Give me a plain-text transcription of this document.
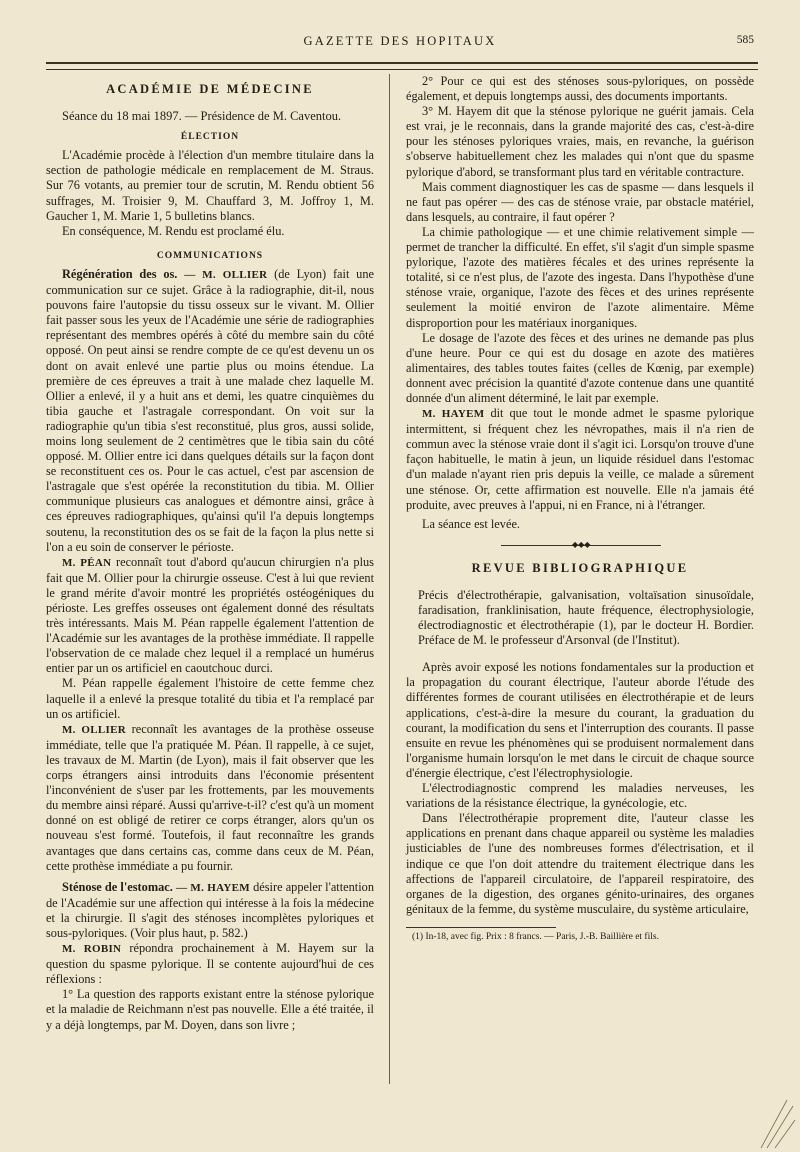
GAZETTE DES HOPITAUX	585
ACADÉMIE DE MÉDECINE

Séance du 18 mai 1897. — Présidence de M. Caventou.

ÉLECTION

L'Académie procède à l'élection d'un membre titulaire dans la section de pathologie médicale en remplacement de M. Straus. Sur 76 votants, au premier tour de scrutin, M. Rendu obtient 56 suffrages, M. Troisier 9, M. Chauffard 3, M. Joffroy 1, M. Gaucher 1, M. Marie 1, 5 bulletins blancs.

En conséquence, M. Rendu est proclamé élu.

COMMUNICATIONS

Régénération des os. — M. OLLIER (de Lyon) fait une communication sur ce sujet. Grâce à la radiographie, dit-il, nous pouvons faire l'autopsie du tissu osseux sur le vivant. M. Ollier fait passer sous les yeux de l'Académie une série de radiographies représentant des membres opérés à côté du membre sain du côté opposé. On peut ainsi se rendre compte de ce qu'est devenu un os dont on avait enlevé une partie plus ou moins étendue. La première de ces épreuves a trait à une malade chez laquelle M. Ollier a enlevé, il y a huit ans et demi, les quatre cinquièmes du tibia gauche et l'astragale correspondant. On voit sur la radiographie qu'un tibia s'est reconstitué, plus gros, aussi solide, moins long seulement de 2 centimètres que le tibia sain du côté opposé. M. Ollier entre ici dans quelques détails sur la façon dont se reconstituent ces os. Pour le cas actuel, c'est par ascension de l'astragale que s'est opérée la reconstitution du tibia. M. Ollier communique plusieurs cas analogues et démontre ainsi, grâce à ces épreuves radiographiques, qu'ainsi qu'il l'a depuis longtemps soutenu, la reconstitution des os se fait de la façon la plus nette si l'on a eu soin de conserver le périoste.

M. PÉAN reconnaît tout d'abord qu'aucun chirurgien n'a plus fait que M. Ollier pour la chirurgie osseuse. C'est à lui que revient le grand mérite d'avoir montré les propriétés ostéogéniques du périoste. Les greffes osseuses ont également donné des résultats très intéressants. Mais M. Péan rappelle également l'attention de l'Académie sur les avantages de la prothèse immédiate. Il rappelle l'observation de ce malade chez lequel il a remplacé un humérus entier par un os artificiel en caoutchouc durci.

M. Péan rappelle également l'histoire de cette femme chez laquelle il a enlevé la presque totalité du tibia et l'a remplacé par un os artificiel.

M. OLLIER reconnaît les avantages de la prothèse osseuse immédiate, telle que l'a pratiquée M. Péan. Il rappelle, à ce sujet, les travaux de M. Martin (de Lyon), mais il fait observer que les corps étrangers ainsi introduits dans l'économie présentent l'inconvénient de s'user par les frottements, par les mouvements du membre ainsi réparé. Aussi qu'arrive-t-il? c'est qu'à un moment donné on est obligé de retirer ce corps étranger, alors qu'un os nouveau s'est formé. Toutefois, il faut reconnaître les grands avantages que dans certains cas, comme dans ceux de M. Péan, cette prothèse immédiate a pu fournir.

Sténose de l'estomac. — M. HAYEM désire appeler l'attention de l'Académie sur une affection qui intéresse à la fois la médecine et la chirurgie. Il s'agit des sténoses incomplètes pyloriques et sous-pyloriques. (Voir plus haut, p. 582.)

M. ROBIN répondra prochainement à M. Hayem sur la question du spasme pylorique. Il se contente aujourd'hui de ces réflexions :

1° La question des rapports existant entre la sténose pylorique et la maladie de Reichmann n'est pas nouvelle. Elle a été traitée, il y a déjà longtemps, par M. Doyen, dans son livre ;

2° Pour ce qui est des sténoses sous-pyloriques, on possède également, et depuis longtemps aussi, des documents importants.

3° M. Hayem dit que la sténose pylorique ne guérit jamais. Cela est vrai, je le reconnais, dans la grande majorité des cas, c'est-à-dire pour les sténoses pyloriques vraies, mais, en revanche, la guérison s'observe habituellement chez les malades qui n'ont que du spasme pylorique d'abord, se transformant plus tard en véritable contracture.

Mais comment diagnostiquer les cas de spasme — dans lesquels il ne faut pas opérer — des cas de sténose vraie, par obstacle matériel, dans lesquels, au contraire, il faut opérer ?

La chimie pathologique — et une chimie relativement simple — permet de trancher la difficulté. En effet, s'il s'agit d'un simple spasme pylorique, l'azote des matières fécales et des urines représente la totalité, si ce n'est plus, de l'azote des ingesta. Dans l'hypothèse d'une sténose vraie, organique, l'azote des fèces et des urines représente seulement la moitié environ de l'azote alimentaire. Même disproportion pour les matériaux inorganiques.

Le dosage de l'azote des fèces et des urines ne demande pas plus d'une heure. Pour ce qui est du dosage en azote des matières alimentaires, des tables toutes faites (celles de Kœnig, par exemple) donnent avec précision la quantité d'azote contenue dans une quantité donnée d'un aliment déterminé, le lait par exemple.

M. HAYEM dit que tout le monde admet le spasme pylorique intermittent, si fréquent chez les névropathes, mais il n'a rien de commun avec la sténose vraie dont il s'agit ici. Lorsqu'on trouve d'une façon habituelle, le matin à jeun, un liquide résiduel dans l'estomac d'un malade n'ayant rien pris depuis la veille, ce malade a sûrement une sténose. Or, cette affirmation est nouvelle. Elle n'a jamais été produite, avec preuves à l'appui, ni en France, ni à l'étranger.

La séance est levée.

◆◆◆
REVUE BIBLIOGRAPHIQUE

Précis d'électrothérapie, galvanisation, voltaïsation sinusoïdale, faradisation, franklinisation, haute fréquence, électrophysiologie, électrodiagnostic et électrothérapie (1), par le docteur H. Bordier. Préface de M. le professeur d'Arsonval (de l'Institut).

Après avoir exposé les notions fondamentales sur la production et la propagation du courant électrique, l'auteur aborde l'étude des différentes formes de courant utilisées en électrothérapie et de leurs applications, c'est-à-dire la mesure du courant, la graduation du courant, la modification du sens et l'interruption des courants. Il passe ensuite en revue les phénomènes qui se produisent normalement dans l'organisme humain lorsqu'on le met dans le circuit de chaque source d'énergie électrique, c'est l'électrophysiologie.

L'électrodiagnostic comprend les maladies nerveuses, les variations de la résistance électrique, la gynécologie, etc.

Dans l'électrothérapie proprement dite, l'auteur classe les applications en prenant dans chaque appareil ou système les maladies justiciables de l'une des nombreuses formes d'électrisation, et il indique ce que l'on doit attendre du traitement électrique dans les affections de l'appareil circulatoire, de l'appareil respiratoire, des organes de la digestion, des organes génito-urinaires, des organes génitaux de la femme, du système musculaire, du système articulaire,

(1) In-18, avec fig. Prix : 8 francs. — Paris, J.-B. Baillière et fils.
